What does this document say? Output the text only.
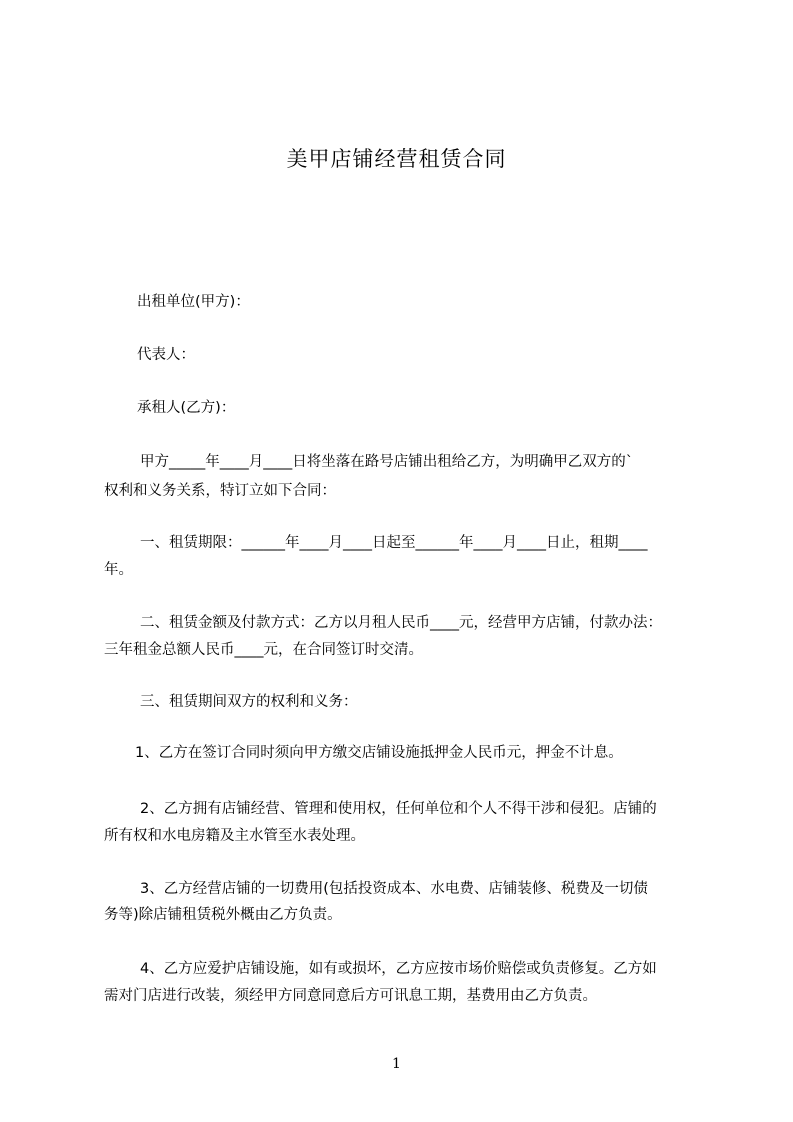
美甲店铺经营租赁合同
出租单位(甲方)：
代表人：
承租人(乙方)：
甲方_____年____月____日将坐落在路号店铺出租给乙方，为明确甲乙双方的`
权利和义务关系，特订立如下合同：
一、租赁期限：______年____月____日起至______年____月____日止，租期____
年。
二、租赁金额及付款方式：乙方以月租人民币____元，经营甲方店铺，付款办法：
三年租金总额人民币____元，在合同签订时交清。
三、租赁期间双方的权利和义务：
1、乙方在签订合同时须向甲方缴交店铺设施抵押金人民币元，押金不计息。
2、乙方拥有店铺经营、管理和使用权，任何单位和个人不得干涉和侵犯。店铺的
所有权和水电房籍及主水管至水表处理。
3、乙方经营店铺的一切费用(包括投资成本、水电费、店铺装修、税费及一切债
务等)除店铺租赁税外概由乙方负责。
4、乙方应爱护店铺设施，如有或损坏，乙方应按市场价赔偿或负责修复。乙方如
需对门店进行改装，须经甲方同意同意后方可讯息工期，基费用由乙方负责。
1
